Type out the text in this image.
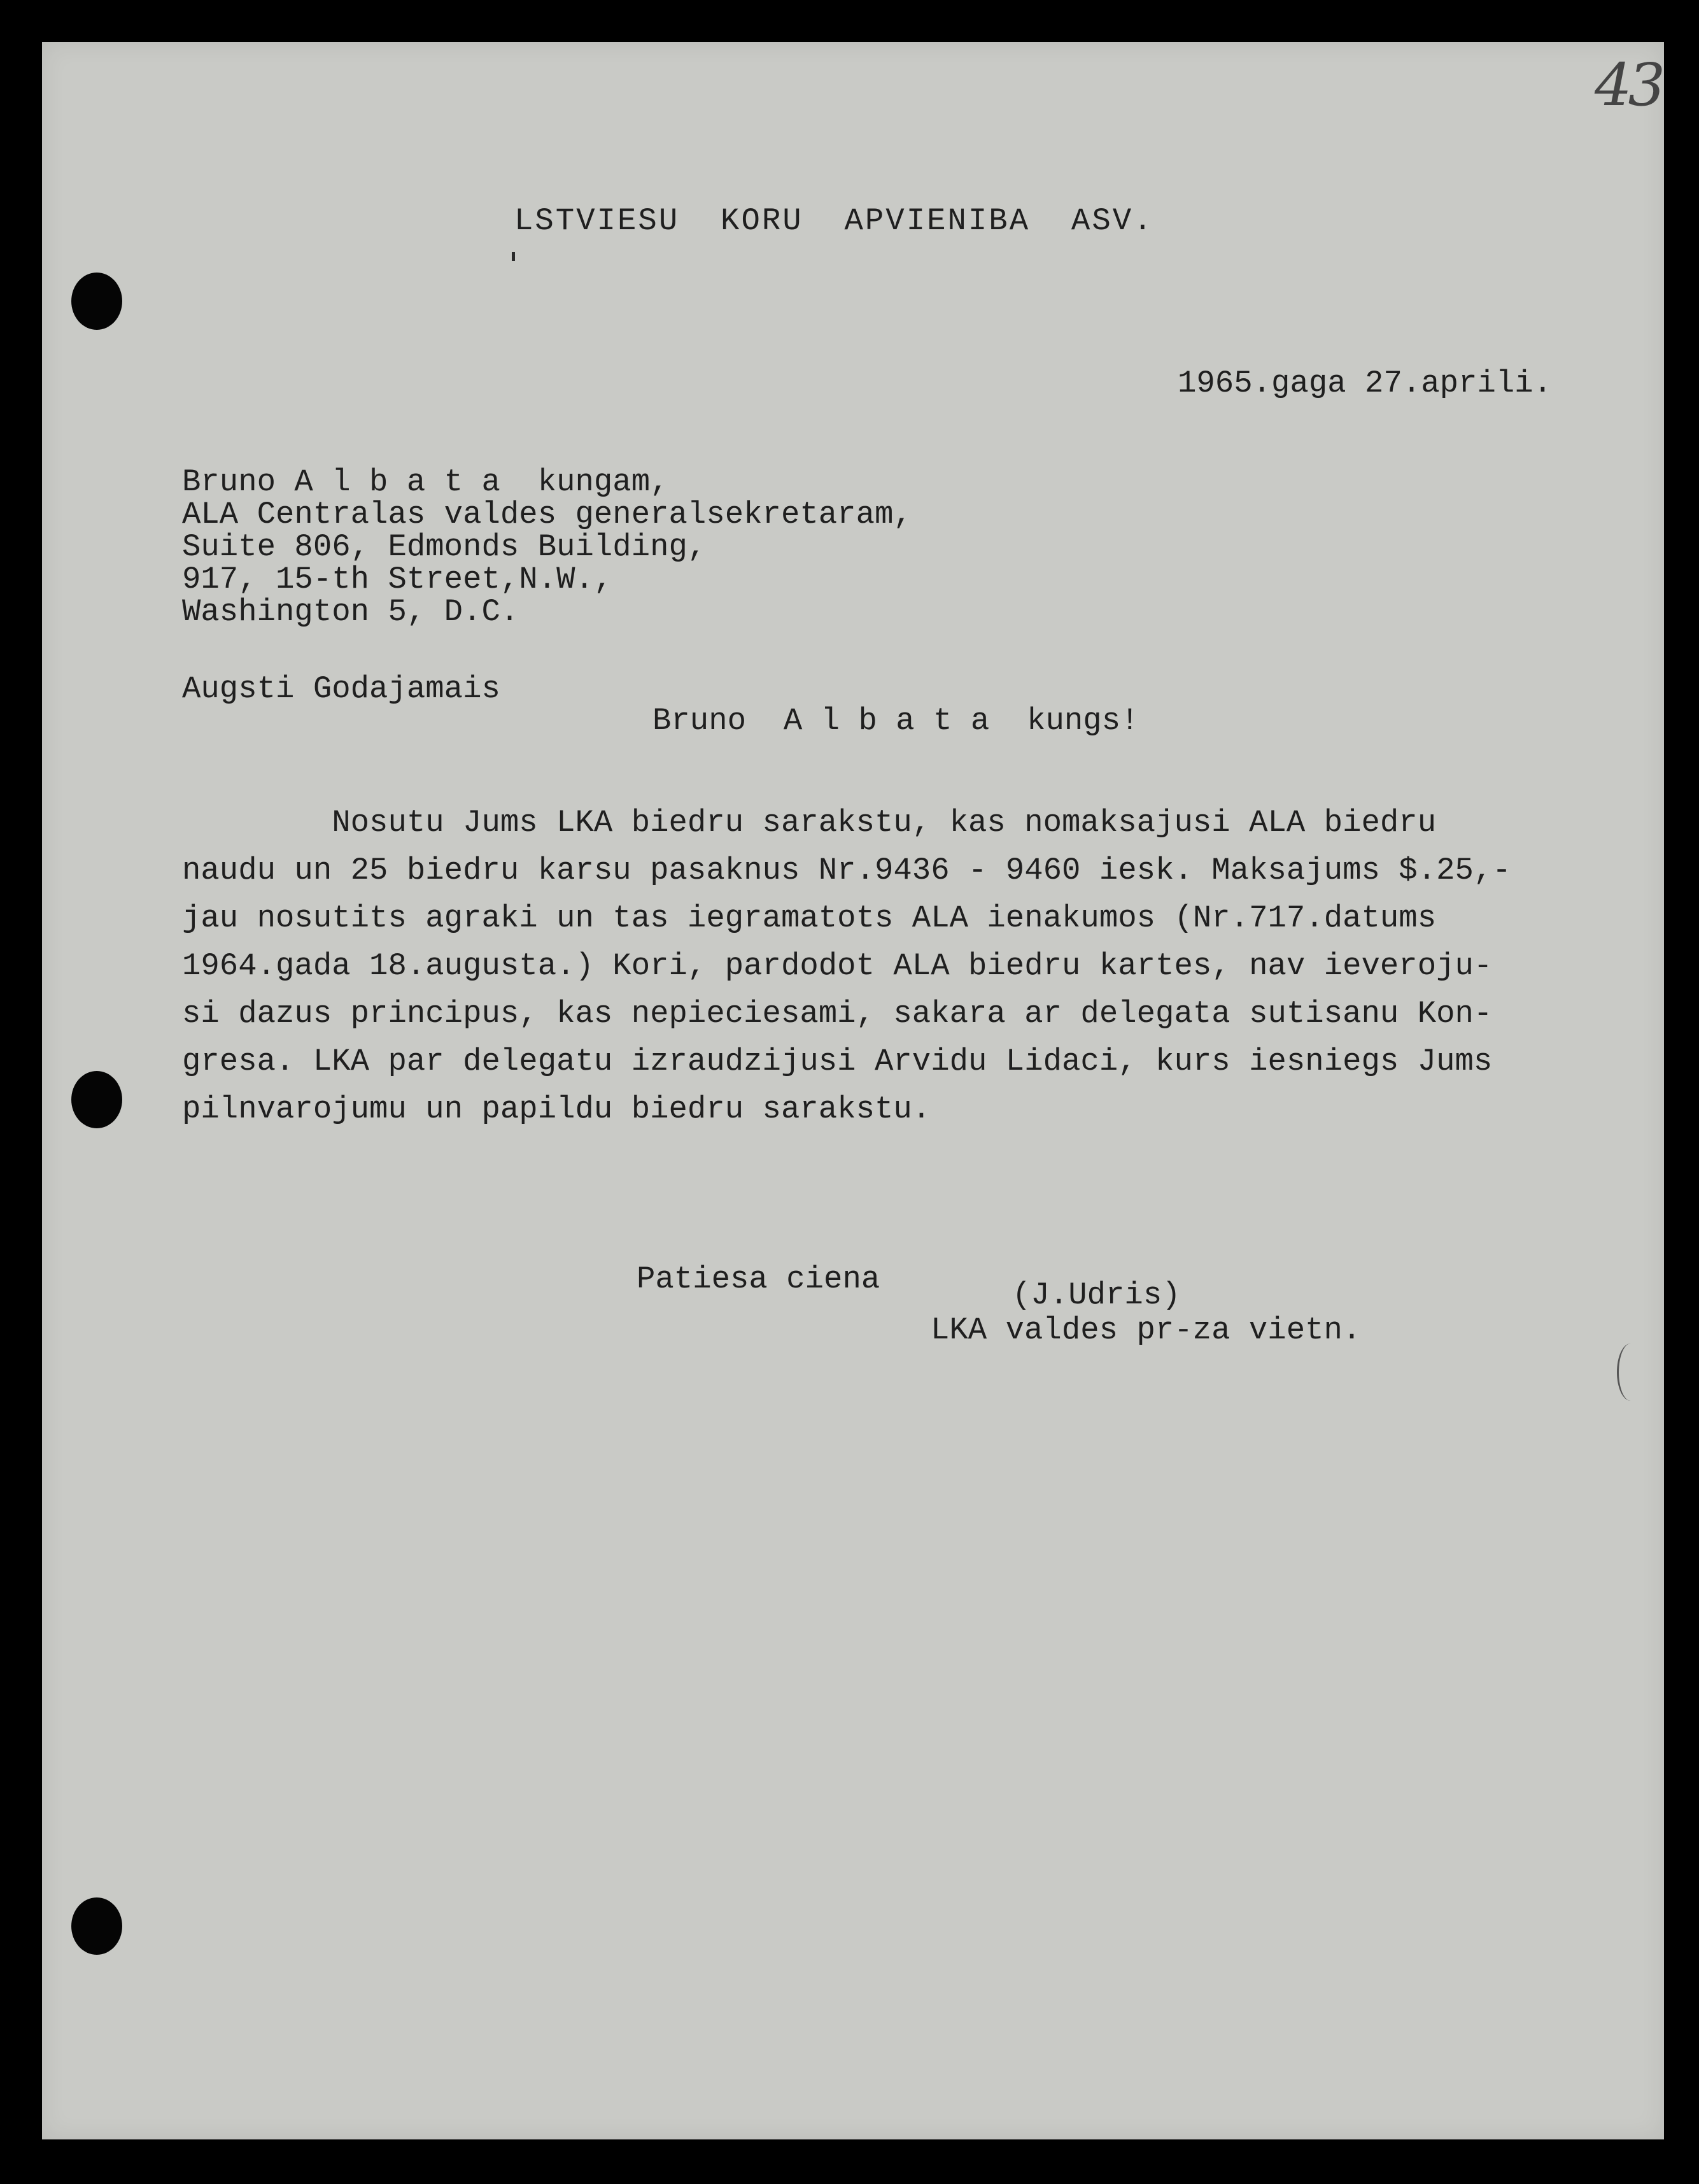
43

LSTVIESU  KORU  APVIENIBA  ASV.

1965.gaga 27.aprili.

Bruno A l b a t a  kungam,
ALA Centralas valdes generalsekretaram,
Suite 806, Edmonds Building,
917, 15-th Street,N.W.,
Washington 5, D.C.

Augsti Godajamais

Bruno  A l b a t a  kungs!

Nosutu Jums LKA biedru sarakstu, kas nomaksajusi ALA biedru
naudu un 25 biedru karsu pasaknus Nr.9436 - 9460 iesk. Maksajums $.25,-
jau nosutits agraki un tas iegramatots ALA ienakumos (Nr.717.datums
1964.gada 18.augusta.) Kori, pardodot ALA biedru kartes, nav ieveroju-
si dazus principus, kas nepieciesami, sakara ar delegata sutisanu Kon-
gresa. LKA par delegatu izraudzijusi Arvidu Lidaci, kurs iesniegs Jums
pilnvarojumu un papildu biedru sarakstu.

Patiesa ciena	(J.Udris)

LKA valdes pr-za vietn.
